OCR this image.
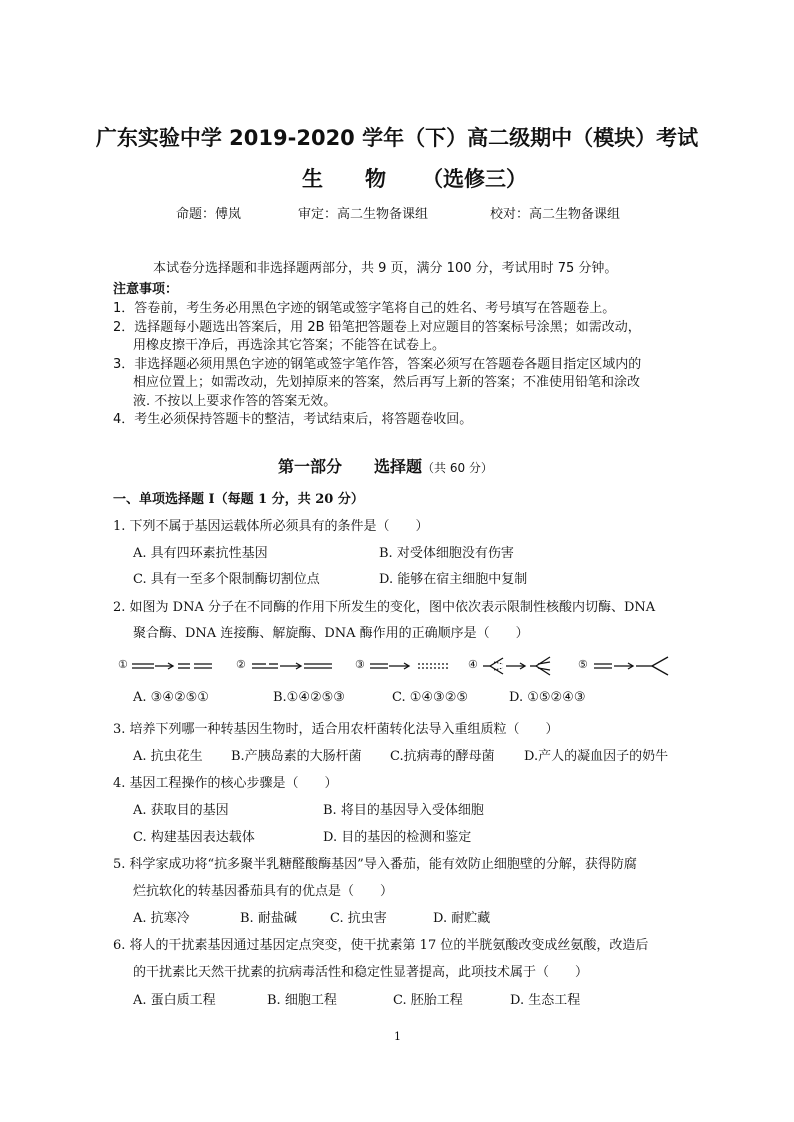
广东实验中学 2019-2020 学年（下）高二级期中（模块）考试
生　　物 （选修三）
命题：傅岚	审定：高二生物备课组	校对：高二生物备课组
本试卷分选择题和非选择题两部分，共 9 页，满分 100 分，考试用时 75 分钟。
注意事项：
1．答卷前，考生务必用黑色字迹的钢笔或签字笔将自己的姓名、考号填写在答题卷上。
2．选择题每小题选出答案后，用 2B 铅笔把答题卷上对应题目的答案标号涂黑；如需改动，
用橡皮擦干净后，再选涂其它答案；不能答在试卷上。
3．非选择题必须用黑色字迹的钢笔或签字笔作答，答案必须写在答题卷各题目指定区域内的
相应位置上；如需改动，先划掉原来的答案，然后再写上新的答案；不准使用铅笔和涂改
液. 不按以上要求作答的答案无效。
4．考生必须保持答题卡的整洁，考试结束后，将答题卷收回。
第一部分　　选择题（共 60 分）
一、单项选择题 I（每题 1 分，共 20 分）
1. 下列不属于基因运载体所必须具有的条件是（　　）
A. 具有四环素抗性基因	B. 对受体细胞没有伤害
C. 具有一至多个限制酶切割位点	D. 能够在宿主细胞中复制
2. 如图为 DNA 分子在不同酶的作用下所发生的变化，图中依次表示限制性核酸内切酶、DNA
聚合酶、DNA 连接酶、解旋酶、DNA 酶作用的正确顺序是（　　）
①	②	③	④	⑤
A. ③④②⑤①	B.①④②⑤③	C. ①④③②⑤	D. ①⑤②④③
3. 培养下列哪一种转基因生物时，适合用农杆菌转化法导入重组质粒（　　）
A. 抗虫花生 B.产胰岛素的大肠杆菌 C.抗病毒的酵母菌 D.产人的凝血因子的奶牛
4. 基因工程操作的核心步骤是（　　）
A. 获取目的基因	B. 将目的基因导入受体细胞
C. 构建基因表达载体	D. 目的基因的检测和鉴定
5. 科学家成功将“抗多聚半乳糖醛酸酶基因”导入番茄，能有效防止细胞壁的分解，获得防腐
烂抗软化的转基因番茄具有的优点是（　　）
A. 抗寒冷	B. 耐盐碱	C. 抗虫害	D. 耐贮藏
6. 将人的干扰素基因通过基因定点突变，使干扰素第 17 位的半胱氨酸改变成丝氨酸，改造后
的干扰素比天然干扰素的抗病毒活性和稳定性显著提高，此项技术属于（　　）
A. 蛋白质工程	B. 细胞工程	C. 胚胎工程	D. 生态工程
1
